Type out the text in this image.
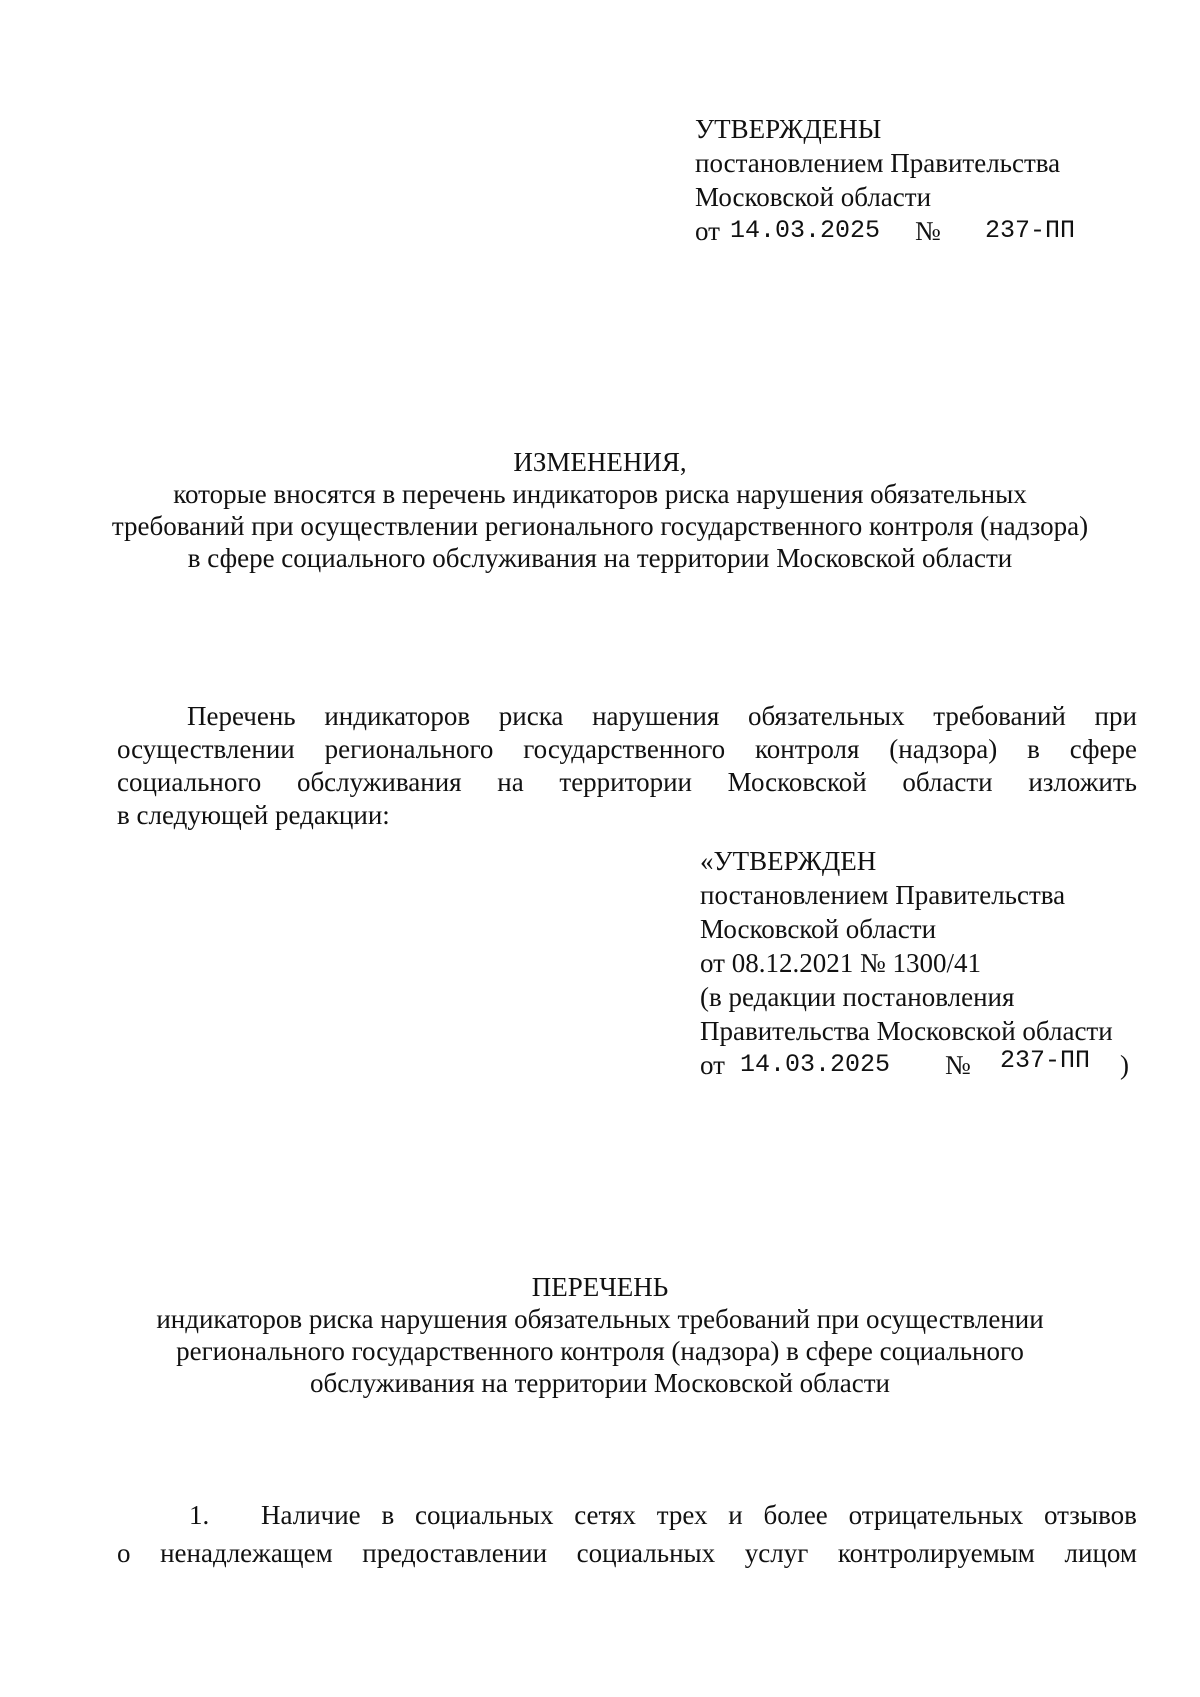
УТВЕРЖДЕНЫ
постановлением Правительства
Московской области
от 14.03.2025 № 237-ПП
ИЗМЕНЕНИЯ,
которые вносятся в перечень индикаторов риска нарушения обязательных
требований при осуществлении регионального государственного контроля (надзора)
в сфере социального обслуживания на территории Московской области
Перечень индикаторов риска нарушения обязательных требований при
осуществлении регионального государственного контроля (надзора) в сфере
социального обслуживания на территории Московской области изложить
в следующей редакции:
«УТВЕРЖДЕН
постановлением Правительства
Московской области
от 08.12.2021 № 1300/41
(в редакции постановления
Правительства Московской области
от 14.03.2025 № 237-ПП )
ПЕРЕЧЕНЬ
индикаторов риска нарушения обязательных требований при осуществлении
регионального государственного контроля (надзора) в сфере социального
обслуживания на территории Московской области
1. Наличие в социальных сетях трех и более отрицательных отзывов
о ненадлежащем предоставлении социальных услуг контролируемым лицом
